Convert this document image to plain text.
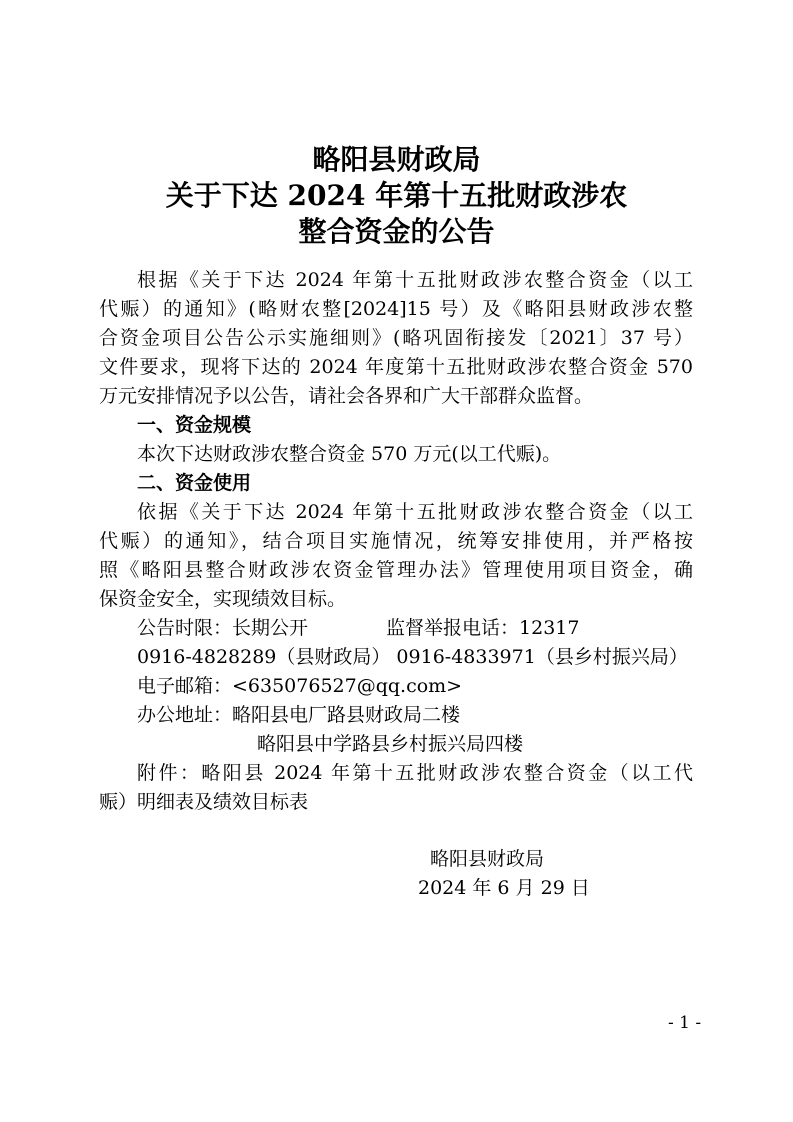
略阳县财政局
关于下达 2024 年第十五批财政涉农
整合资金的公告
根据《关于下达 2024 年第十五批财政涉农整合资金（以工
代赈）的通知》(略财农整[2024]15 号）及《略阳县财政涉农整
合资金项目公告公示实施细则》(略巩固衔接发〔2021〕37 号）
文件要求，现将下达的 2024 年度第十五批财政涉农整合资金 570
万元安排情况予以公告，请社会各界和广大干部群众监督。
一、资金规模
本次下达财政涉农整合资金 570 万元(以工代赈)。
二、资金使用
依据《关于下达 2024 年第十五批财政涉农整合资金（以工
代赈）的通知》，结合项目实施情况，统筹安排使用，并严格按
照《略阳县整合财政涉农资金管理办法》管理使用项目资金，确
保资金安全，实现绩效目标。
公告时限：长期公开	监督举报电话：12317
0916-4828289（县财政局） 0916-4833971（县乡村振兴局）
电子邮箱：<635076527@qq.com>
办公地址：略阳县电厂路县财政局二楼
略阳县中学路县乡村振兴局四楼
附件：略阳县 2024 年第十五批财政涉农整合资金（以工代
赈）明细表及绩效目标表
略阳县财政局
2024 年 6 月 29 日
- 1 -
